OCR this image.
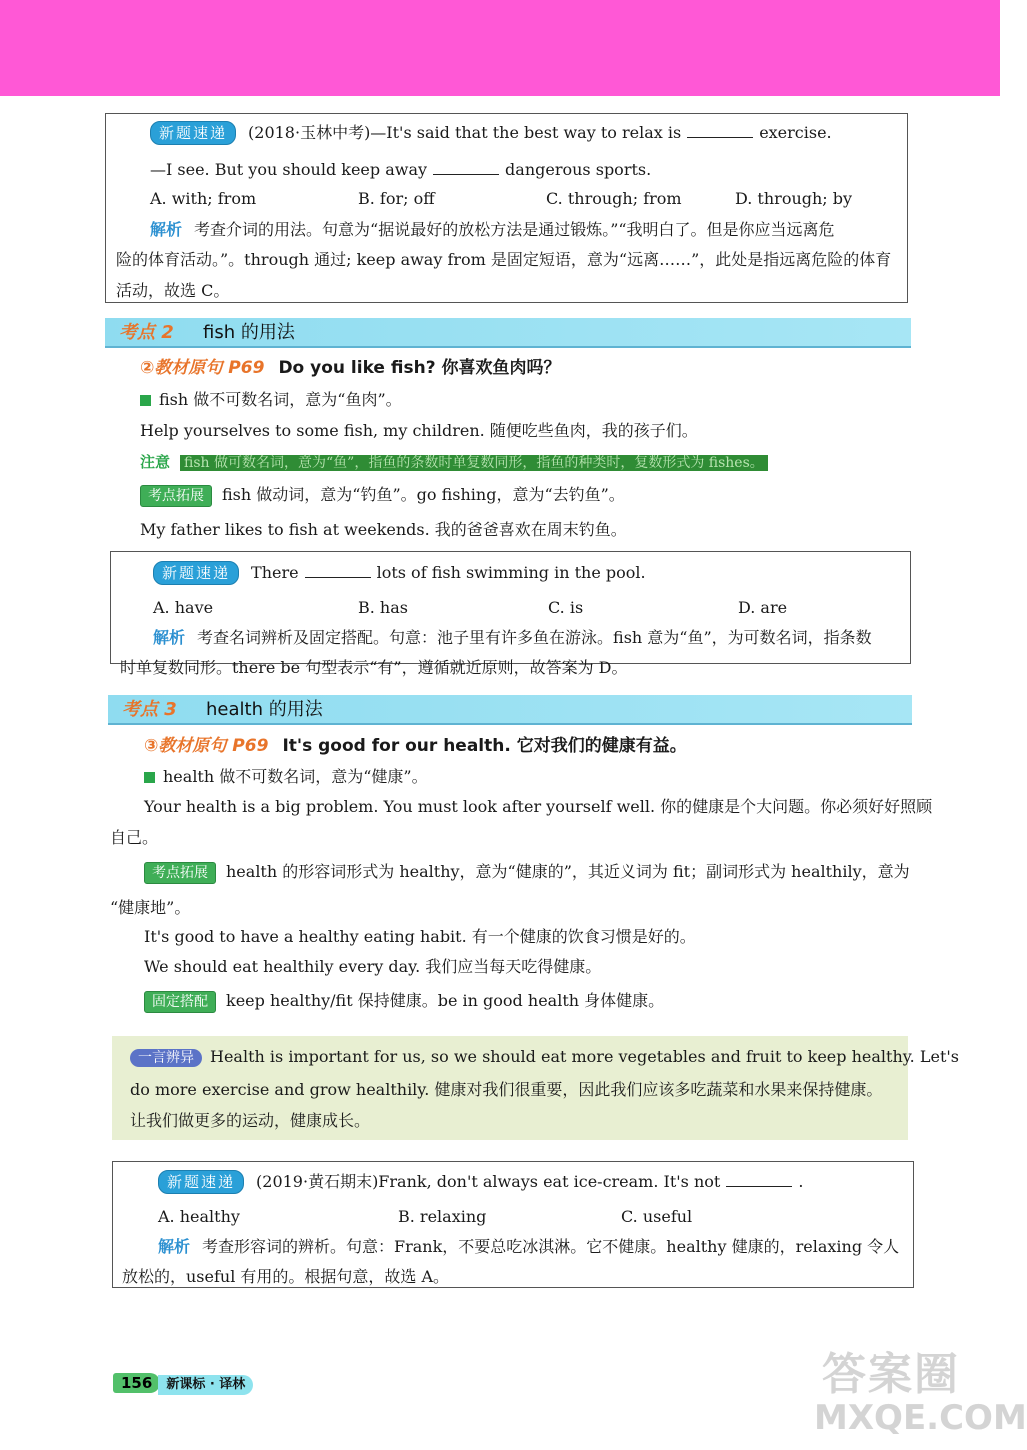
新题速递 (2018·玉林中考)—It's said that the best way to relax is	exercise.
—I see. But you should keep away	dangerous sports.
A. with; from	B. for; off	C. through; from	D. through; by
解析 考查介词的用法。句意为“据说最好的放松方法是通过锻炼。”“我明白了。但是你应当远离危
险的体育活动。”。through 通过; keep away from 是固定短语，意为“远离……”，此处是指远离危险的体育
活动，故选 C。
考点 2	fish 的用法
②教材原句 P69 Do you like fish? 你喜欢鱼肉吗？
fish 做不可数名词，意为“鱼肉”。
Help yourselves to some fish, my children. 随便吃些鱼肉，我的孩子们。
注意 fish 做可数名词，意为“鱼”，指鱼的条数时单复数同形，指鱼的种类时，复数形式为 fishes。
考点拓展 fish 做动词，意为“钓鱼”。go fishing，意为“去钓鱼”。
My father likes to fish at weekends. 我的爸爸喜欢在周末钓鱼。
新题速递 There	lots of fish swimming in the pool.
A. have	B. has	C. is	D. are
解析 考查名词辨析及固定搭配。句意：池子里有许多鱼在游泳。fish 意为“鱼”，为可数名词，指条数
时单复数同形。there be 句型表示“有”，遵循就近原则，故答案为 D。
考点 3	health 的用法
③教材原句 P69 It's good for our health. 它对我们的健康有益。
health 做不可数名词，意为“健康”。
Your health is a big problem. You must look after yourself well. 你的健康是个大问题。你必须好好照顾
自己。
考点拓展 health 的形容词形式为 healthy，意为“健康的”，其近义词为 fit；副词形式为 healthily，意为
“健康地”。
It's good to have a healthy eating habit. 有一个健康的饮食习惯是好的。
We should eat healthily every day. 我们应当每天吃得健康。
固定搭配 keep healthy/fit 保持健康。be in good health 身体健康。
一言辨异 Health is important for us, so we should eat more vegetables and fruit to keep healthy. Let's
do more exercise and grow healthily. 健康对我们很重要，因此我们应该多吃蔬菜和水果来保持健康。
让我们做更多的运动，健康成长。
新题速递 (2019·黄石期末)Frank, don't always eat ice-cream. It's not	.
A. healthy	B. relaxing	C. useful
解析 考查形容词的辨析。句意：Frank，不要总吃冰淇淋。它不健康。healthy 健康的，relaxing 令人
放松的，useful 有用的。根据句意，故选 A。
156 新课标 · 译林	答案圈
MXQE.COM
